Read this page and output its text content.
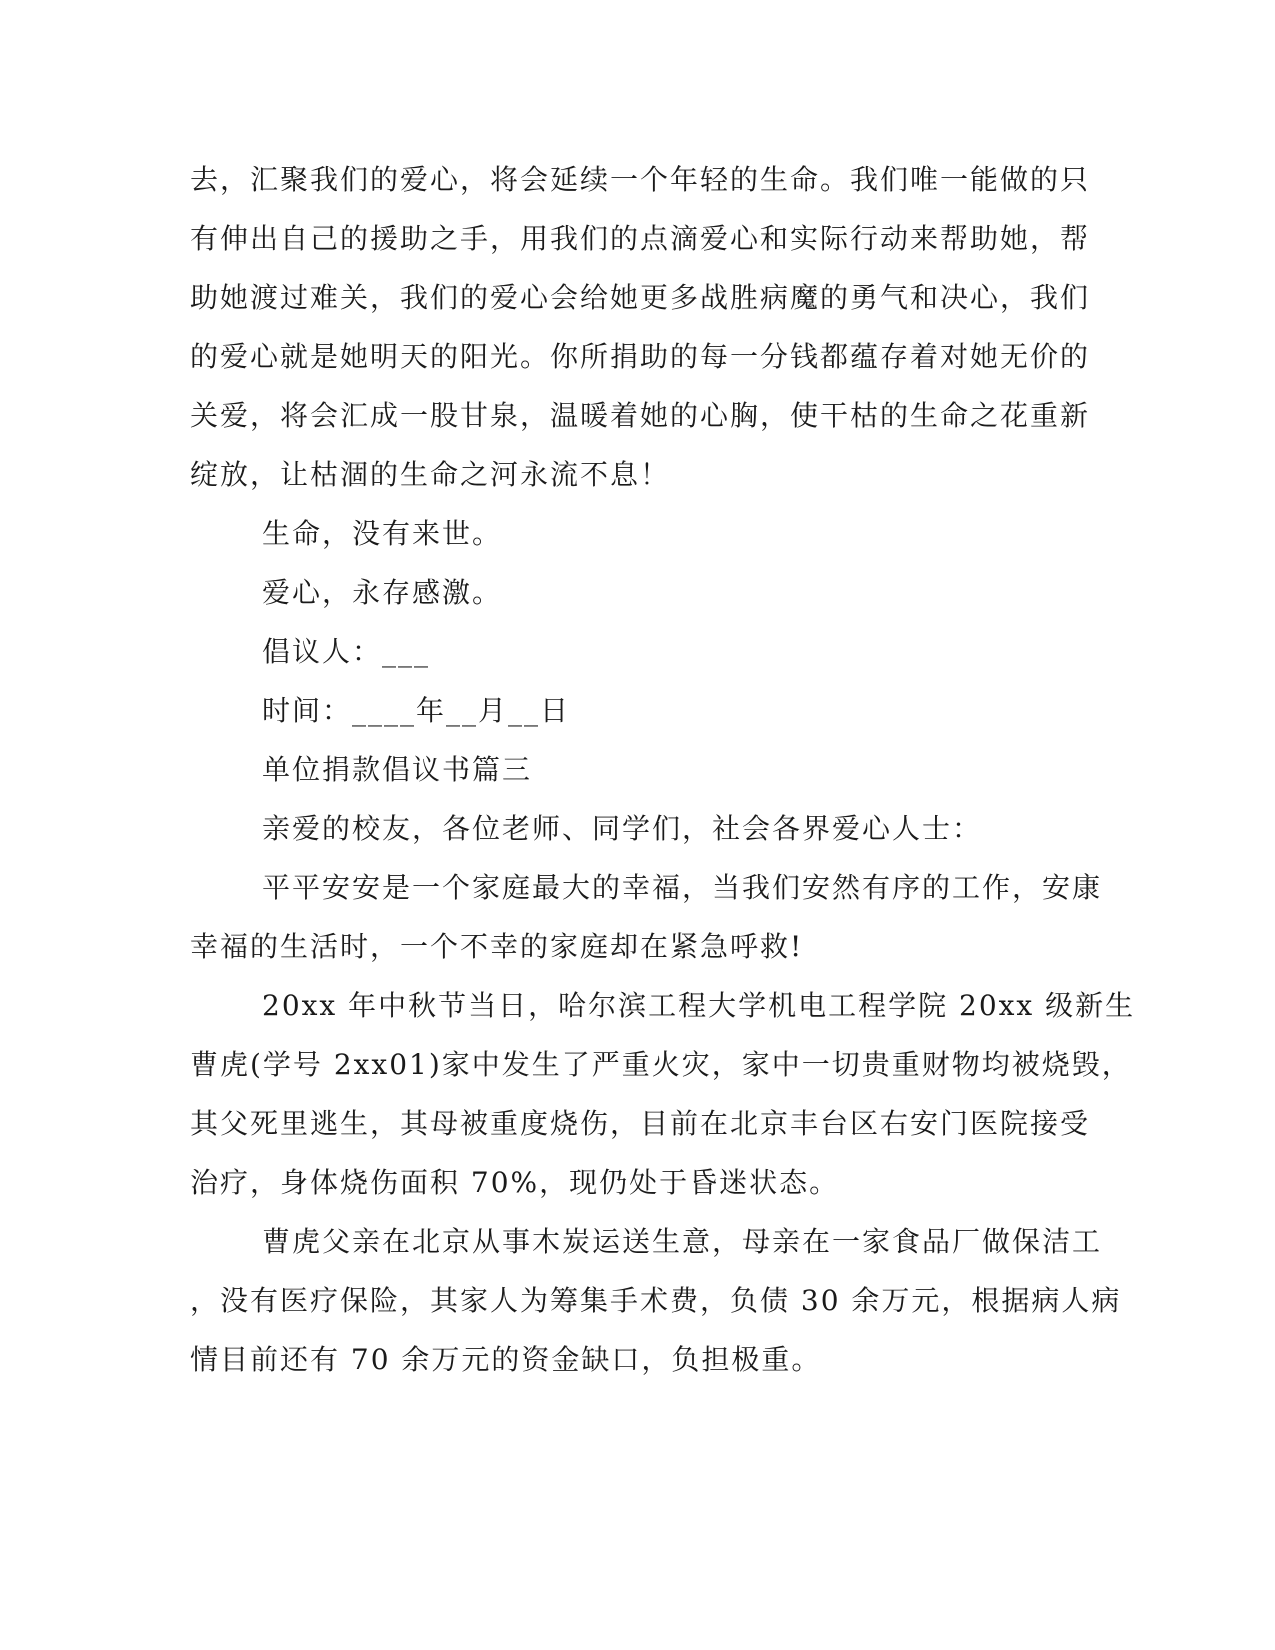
去，汇聚我们的爱心，将会延续一个年轻的生命。我们唯一能做的只
有伸出自己的援助之手，用我们的点滴爱心和实际行动来帮助她，帮
助她渡过难关，我们的爱心会给她更多战胜病魔的勇气和决心，我们
的爱心就是她明天的阳光。你所捐助的每一分钱都蕴存着对她无价的
关爱，将会汇成一股甘泉，温暖着她的心胸，使干枯的生命之花重新
绽放，让枯涸的生命之河永流不息！
生命，没有来世。
爱心，永存感激。
倡议人：___
时间：____年__月__日
单位捐款倡议书篇三
亲爱的校友，各位老师、同学们，社会各界爱心人士：
平平安安是一个家庭最大的幸福，当我们安然有序的工作，安康
幸福的生活时，一个不幸的家庭却在紧急呼救!
20xx 年中秋节当日，哈尔滨工程大学机电工程学院 20xx 级新生
曹虎(学号 2xx01)家中发生了严重火灾，家中一切贵重财物均被烧毁，
其父死里逃生，其母被重度烧伤，目前在北京丰台区右安门医院接受
治疗，身体烧伤面积 70%，现仍处于昏迷状态。
曹虎父亲在北京从事木炭运送生意，母亲在一家食品厂做保洁工
，没有医疗保险，其家人为筹集手术费，负债 30 余万元，根据病人病
情目前还有 70 余万元的资金缺口，负担极重。
